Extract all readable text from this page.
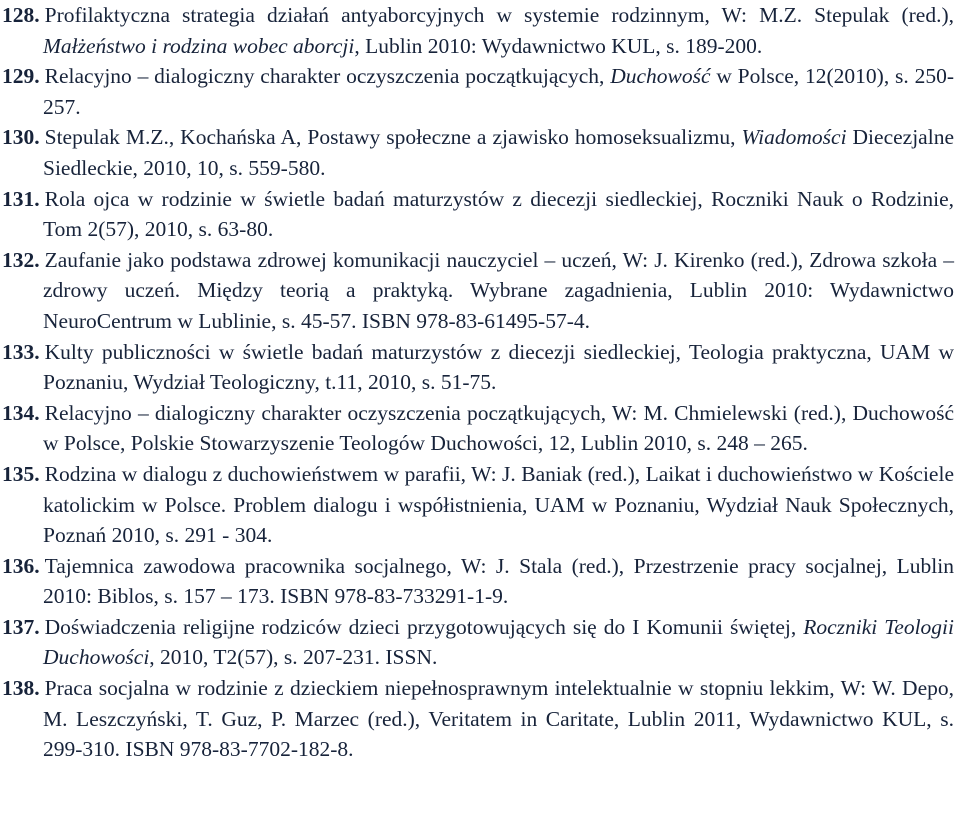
128. Profilaktyczna strategia działań antyaborcyjnych w systemie rodzinnym, W: M.Z. Stepulak (red.), Małżeństwo i rodzina wobec aborcji, Lublin 2010: Wydawnictwo KUL, s. 189-200.

129. Relacyjno – dialogiczny charakter oczyszczenia początkujących, Duchowość w Polsce, 12(2010), s. 250-257.

130. Stepulak M.Z., Kochańska A, Postawy społeczne a zjawisko homoseksualizmu, Wiadomości Diecezjalne Siedleckie, 2010, 10, s. 559-580.

131. Rola ojca w rodzinie w świetle badań maturzystów z diecezji siedleckiej, Roczniki Nauk o Rodzinie, Tom 2(57), 2010, s. 63-80.

132. Zaufanie jako podstawa zdrowej komunikacji nauczyciel – uczeń, W: J. Kirenko (red.), Zdrowa szkoła – zdrowy uczeń. Między teorią a praktyką. Wybrane zagadnienia, Lublin 2010: Wydawnictwo NeuroCentrum w Lublinie, s. 45-57. ISBN 978-83-61495-57-4.

133. Kulty publiczności w świetle badań maturzystów z diecezji siedleckiej, Teologia praktyczna, UAM w Poznaniu, Wydział Teologiczny, t.11, 2010, s. 51-75.

134. Relacyjno – dialogiczny charakter oczyszczenia początkujących, W: M. Chmielewski (red.), Duchowość w Polsce, Polskie Stowarzyszenie Teologów Duchowości, 12, Lublin 2010, s. 248 – 265.

135. Rodzina w dialogu z duchowieństwem w parafii, W: J. Baniak (red.), Laikat i duchowieństwo w Kościele katolickim w Polsce. Problem dialogu i współistnienia, UAM w Poznaniu, Wydział Nauk Społecznych, Poznań 2010, s. 291 - 304.

136. Tajemnica zawodowa pracownika socjalnego, W: J. Stala (red.), Przestrzenie pracy socjalnej, Lublin 2010: Biblos, s. 157 – 173. ISBN 978-83-733291-1-9.

137. Doświadczenia religijne rodziców dzieci przygotowujących się do I Komunii świętej, Roczniki Teologii Duchowości, 2010, T2(57), s. 207-231. ISSN.

138. Praca socjalna w rodzinie z dzieckiem niepełnosprawnym intelektualnie w stopniu lekkim, W: W. Depo, M. Leszczyński, T. Guz, P. Marzec (red.), Veritatem in Caritate, Lublin 2011, Wydawnictwo KUL, s. 299-310. ISBN 978-83-7702-182-8.
